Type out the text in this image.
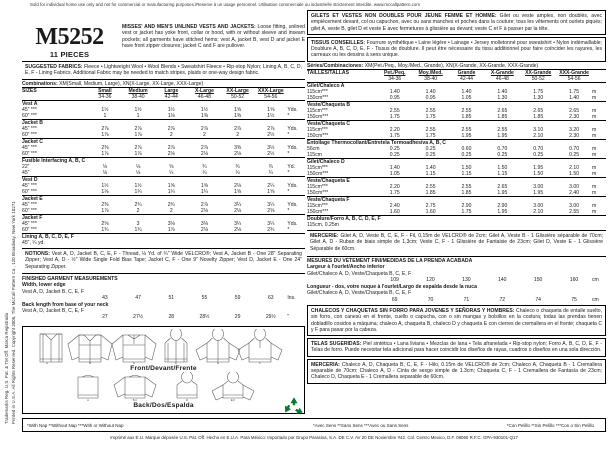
Sold for individual home use only and not for commercial or manufacturing purposes./Reserve à un usage personnel. Utilisation commerciale ou industrielle strictement interdite. www.mccallpattern.com
Trademarks Reg. U.S. Pat. & TM Off. Marca Registrada Printed in U.S.A. All Rights Reserved. Copyright 2006, The McCall Pattern Co., 120 Broadway, New York 10271
M5252
11 PIECES
MISSES' AND MEN'S UNLINED VESTS AND JACKETS: Loose fitting, unlined vest or jacket has yoke front, collar or hood, with or without sleeve and inseam pockets; all garments have stitched hems; vest A, jacket B, vest D and jacket E have front zipper closures; jacket C and F are pullover.
SUGGESTED FABRICS: Fleece • Lightweight Wool • Wool Blends • Sweatshirt Fleece • Rip-stop Nylon; Lining A, B, C, D, E, F - Lining Fabrics. Additional Fabric may be needed to match stripes, plaids or one-way design fabric.
Combinations: XM(Small, Medium, Large), XN(X-Large, XX-Large, XXX-Large)
SIZES	Small	Medium	Large	X-Large	XX-Large	XXX-Large	
	34-36	38-40	42-44	46-48	50-52	54-56	
Vest A							
45" ***	1½	1½	1½	1½	1⅝	1⅝	Yds.
60" ***	1	1	1⅛	1⅜	1⅜	1½	*
Jacket B							
45" ***	2⅞	2⅞	2⅞	2⅞	2⅞	2⅞	Yds.
60" ***	1⅞	1⅞	2	2	2	2½	*
Jacket C							
45" ***	2⅜	2⅞	2⅞	2⅞	3⅜	3½	Yds.
60" ***	1⅞	1⅞	2⅛	2⅛	2⅛	2½	*
Fusible Interfacing A, B, C							
22"	⅛	⅛	⅝	¾	¾	¾	Yd.
45"	⅛	⅛	¼	¼	¼	¼	*
Vest D							
45" ***	1½	1½	1⅝	1⅝	2⅛	2¼	Yds.
60" ***	1⅛	1¼	1¼	1¼	1⅝	1⅝	*
Jacket E							
45" ***	2⅜	2¾	2¾	2⅞	3¼	3¼	Yds.
60" ***	1⅞	2	2	2⅛	2⅛	2⅝	*
Jacket F							
45" ***	2⅝	3	3⅛	3⅛	3¼	3¼	Yds.
60" ***	1¾	1¾	1⅞	2⅛	2⅛	2¾	*
Lining A, B, C, D, E, F							
45", ¼ yd.							
NOTIONS: Vest A, D, Jacket B, C, E, F - Thread, ⅛ Yd. of ¾" Wide VELCRO®; Vest A, Jacket B - One 28" Separating Zipper; Vest A, D - ½" Wide Single Fold Bias Tape; Jacket C, F - One 9" Novelty Zipper; Vest D, Jacket E - One 24" Separating Zipper.
FINISHED GARMENT MEASUREMENTS
Width, lower edge
Vest A, D, Jacket B, C, E, F
	43	47	51	55	59	63	Ins.
Back length from base of your neck
Vest A, D, Jacket B, C, E, F
	27	27½	28	28½	29	29½	"
GILETS ET VESTES NON DOUBLES POUR JEUNE FEMME ET HOMME: Gilet ou veste amples, non doublés, avec empiècement devant, col ou capuchon, avec ou sans manches et poches dans la couture; tous les vêtements ont ourlets piqués; gilet A, veste B, gilet D et veste E avec fermetures à glissière au devant; veste C et F à passer par la tête.
TISSUS CONSEILLES: Fourrure synthétique • Laine légère • Lainage • Jersey molletonné pour sweatshirt • Nylon indémaillable; Doublure A, B, C, D, E, F - Tissus de doublure. Il peut être nécessaire du tissu additionnel pour faire coïncider les rayures, les carreaux ou les dessins à sens unique.
Séries/Combinaciones: XM(Pet./Peq., Moy./Med., Grande), XN(X-Grande, XX-Grande, XXX-Grande)
TAILLES/TALLAS	Pet./Peq.	Moy./Med.	Grande	X-Grande	XX-Grande	XXX-Grande	
	34-36	38-40	42-44	46-48	50-52	54-56	
Gilet/Chaleco A							
115cm***	1.40	1.40	1.40	1.40	1.75	1.75	m
150cm***	0.95	0.95	1.05	1.30	1.30	1.40	m
Veste/Chaqueta B							
115cm***	2.55	2.55	2.55	2.65	2.65	2.65	m
150cm***	1.75	1.75	1.85	1.85	1.85	2.30	m
Veste/Chaqueta C							
115cm***	2.20	2.55	2.55	2.55	3.10	3.20	m
150cm***	1.75	1.75	1.95	1.95	2.10	2.30	m
Entoilage Thermocollant/Entretela Termoadhesiva A, B, C							
56cm	0.25	0.25	0.60	0.70	0.70	0.70	m
115cm	0.25	0.25	0.25	0.25	0.25	0.25	m
Gilet/Chaleco D							
115cm***	1.40	1.40	1.50	1.50	1.95	2.10	m
150cm***	1.05	1.15	1.15	1.15	1.50	1.50	m
Veste/Chaqueta E							
115cm***	2.20	2.55	2.55	2.65	3.00	3.00	m
150cm***	1.75	1.85	1.85	1.95	1.95	2.40	m
Veste/Chaqueta F							
115cm***	2.40	2.75	2.90	2.90	3.00	3.00	m
150cm***	1.60	1.60	1.75	1.95	2.10	2.55	m
Doublure/Forro A, B, C, D, E, F							
115cm, 0.25m							
MERCERIE: Gilet A, D, Veste B, C, E, F - Fil, 0,15m de VELCRO® de 2cm; Gilet A, Veste B - 1 Glissière séparable de 70cm; Gilet A, D - Ruban de biais simple de 1,3cm; Veste C, F - 1 Glissière de Fantaisie de 23cm; Gilet D, Veste E - 1 Glissière Séparable de 60cm.
MESURES DU VETEMENT FINI/MEDIDAS DE LA PRENDA ACABADA
Largeur à l'ourlet/Ancho inferior
Gilet/Chaleco A, D, Veste/Chaqueta B, C, E, F
	109	120	130	140	150	160	cm
Longueur - dos, votre nuque à l'ourlet/Largo de espalda desde la nuca
Gilet/Chaleco A, D, Veste/Chaqueta B, C, E, F
	69	70	71	72	74	75	cm
CHALECOS Y CHAQUETAS SIN FORRO PARA JOVENES Y SEÑORAS Y HOMBRES: Chaleco o chaqueta de entalle suelto, sin forro, con canesú en el frente, cuello o capucha, con o sin mangas y bolsillos en la costura; todas las prendas tienen dobladillo cosidos a máquina; chaleco A, chaqueta B, chaleco D y chaqueta E con cierres de cremallera en el frente; chaqueta C y F para pasar por la cabeza.
TELAS SUGERIDAS: Piel sintética • Lana liviana • Mezclas de lana • Tela afranelada • Rip-stop nylon; Forro A, B, C, D, E, F - Telas de forro. Puede necesitar tela adicional para hacer coincidir los diseños de rayas, cuadros o diseños en una sola dirección.
MERCERIA: Chaleco A, D, Chaqueta B, C, E, F - Hilo, 0.15m de VELCRO® de 2cm; Chaleco A, Chaqueta B - 1 Cremallera separable de 70cm; Chaleco A, D - Cinta de sesgo simple de 1.3cm; Chaqueta C, F - 1 Cremallera de Fantasía de 23cm; Chaleco D, Chaqueta E - 1 Cremallera separable de 60cm.
A	B	C	D	E	F
Front/Devant/Frente
A	B,C	D	E,F
Back/Dos/Espalda
*With Nap **Without Nap ***With or Without Nap	*Avec Sens **Sans Sens ***Avec ou Sans Sens	*Con Pelillo **Sin Pelillo ***Con o Sin Pelillo
Imprimé aux E.U. Marque déposée U.S. Pat. Off. Hecho en E.U.A. Para México: Importado por Grupo Parasina, S.A. DE C.V. AV 20 DE Noviembre #42. Col. Centro Mexico, D.F. 08060 R.F.C. GPA-930101-Q17
